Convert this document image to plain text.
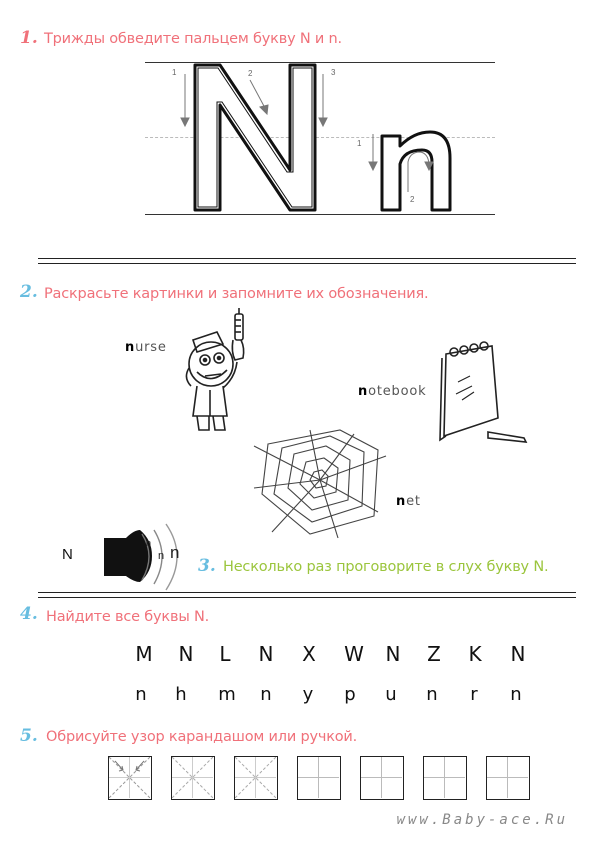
1. Трижды обведите пальцем букву N и n.
1	2	3
1
2
2. Раскрасьте картинки и запомните их обозначения.
nurse
notebook
net
N
n
n n
3. Несколько раз проговорите в слух букву N.
4. Найдите все буквы N.
M	N	L	N	X	W	N	Z	K	N
n	h	m	n	y	p	u	n	r	n
5. Обрисуйте узор карандашом или ручкой.
www.Baby-ace.Ru
